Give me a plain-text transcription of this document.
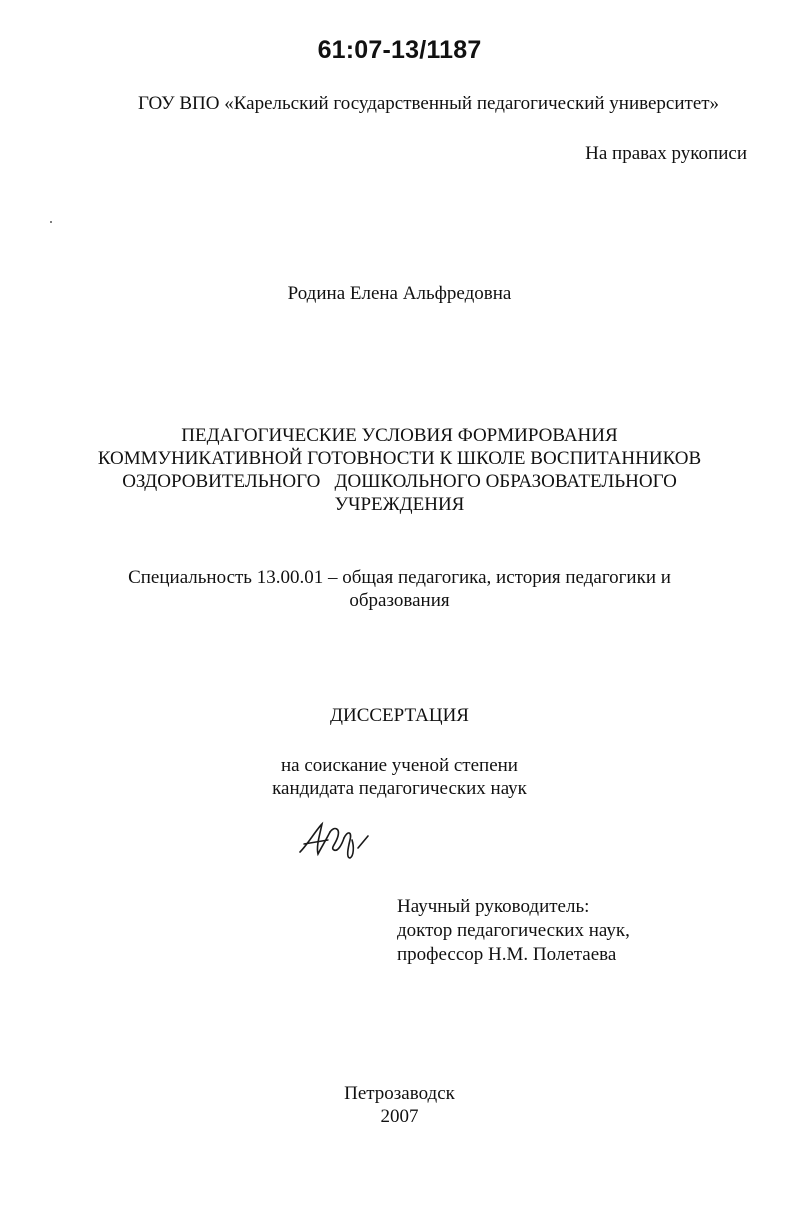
61:07-13/1187
ГОУ ВПО «Карельский государственный педагогический университет»
На правах рукописи
Родина Елена Альфредовна
ПЕДАГОГИЧЕСКИЕ УСЛОВИЯ ФОРМИРОВАНИЯ
КОММУНИКАТИВНОЙ ГОТОВНОСТИ К ШКОЛЕ ВОСПИТАННИКОВ
ОЗДОРОВИТЕЛЬНОГО   ДОШКОЛЬНОГО ОБРАЗОВАТЕЛЬНОГО
УЧРЕЖДЕНИЯ
Специальность 13.00.01 – общая педагогика, история педагогики и
образования
ДИССЕРТАЦИЯ
на соискание ученой степени
кандидата педагогических наук
Научный руководитель:
доктор педагогических наук,
профессор Н.М. Полетаева
Петрозаводск
2007
